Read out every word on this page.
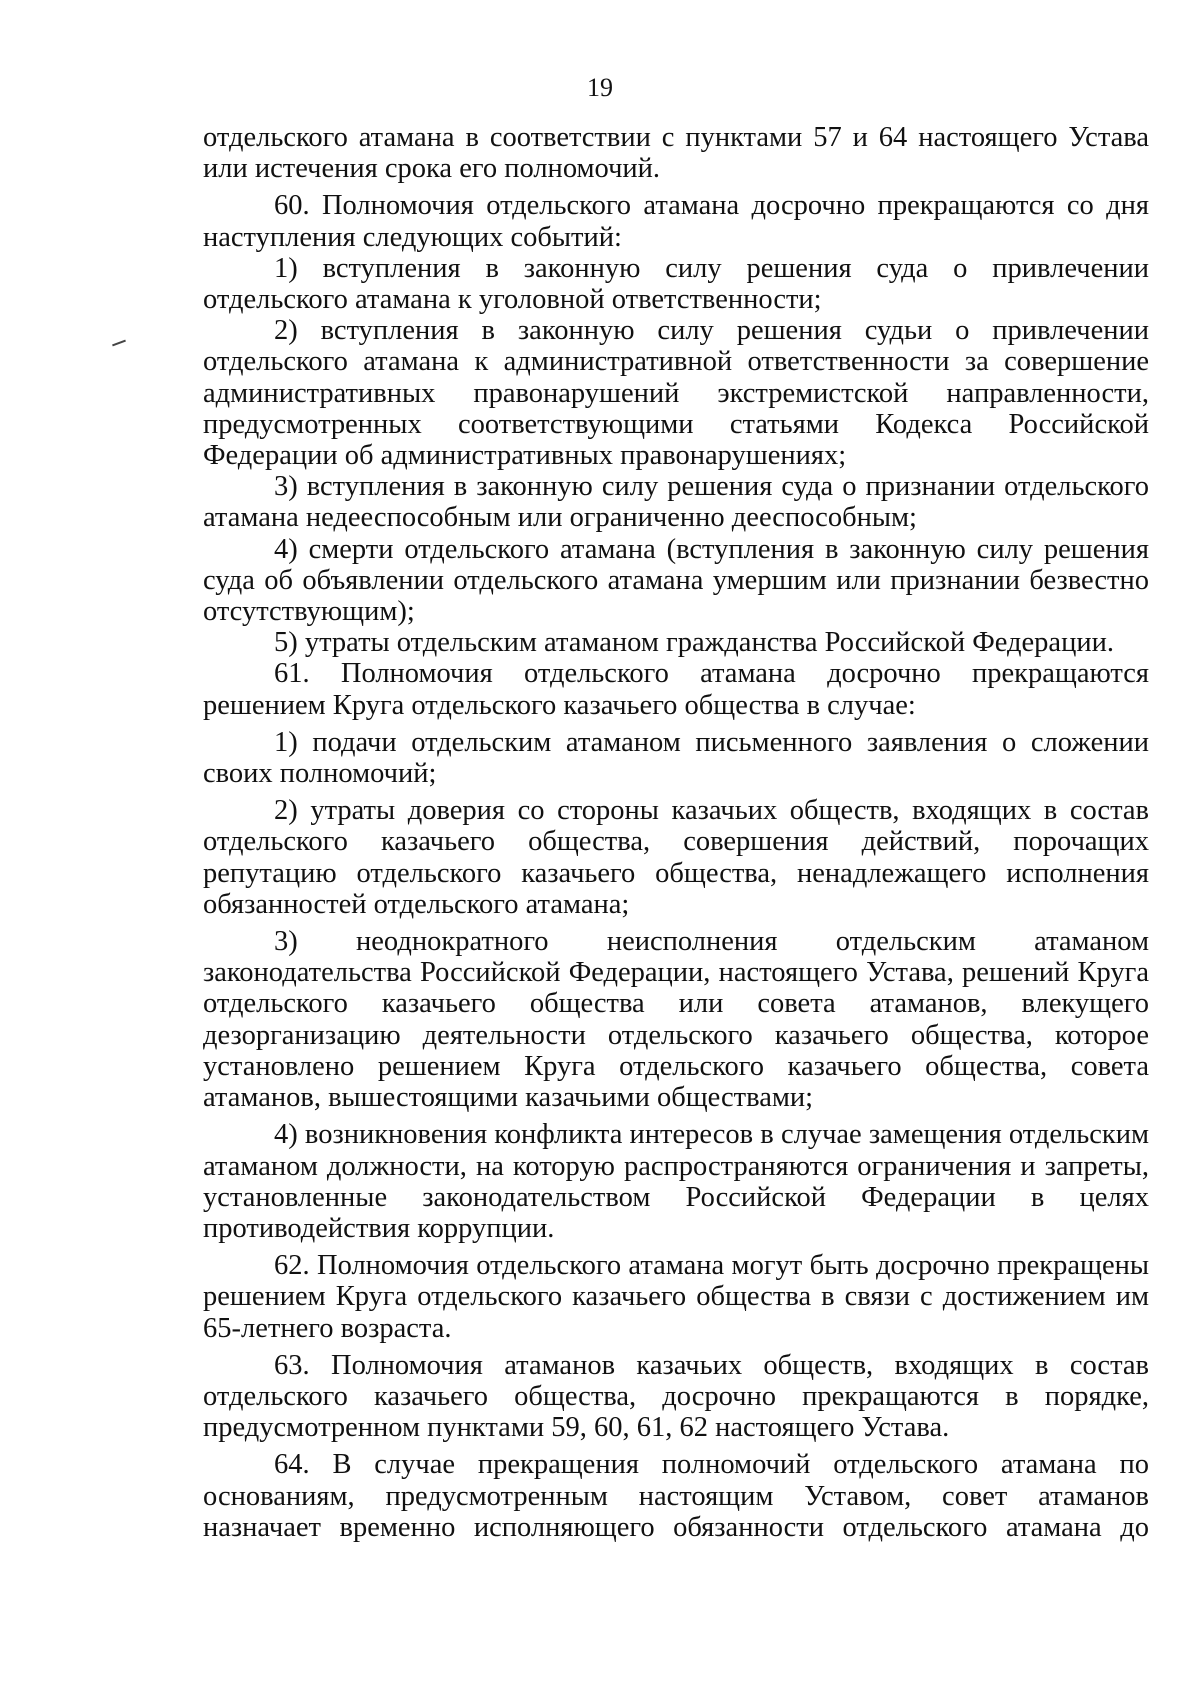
19

отдельского атамана в соответствии с пунктами 57 и 64 настоящего Устава

или истечения срока его полномочий.

60. Полномочия отдельского атамана досрочно прекращаются со дня

наступления следующих событий:

1) вступления в законную силу решения суда о привлечении

отдельского атамана к уголовной ответственности;

2) вступления в законную силу решения судьи о привлечении

отдельского атамана к административной ответственности за совершение

административных правонарушений экстремистской направленности,

предусмотренных соответствующими статьями Кодекса Российской

Федерации об административных правонарушениях;

3) вступления в законную силу решения суда о признании отдельского

атамана недееспособным или ограниченно дееспособным;

4) смерти отдельского атамана (вступления в законную силу решения

суда об объявлении отдельского атамана умершим или признании безвестно

отсутствующим);

5) утраты отдельским атаманом гражданства Российской Федерации.

61. Полномочия отдельского атамана досрочно прекращаются

решением Круга отдельского казачьего общества в случае:

1) подачи отдельским атаманом письменного заявления о сложении

своих полномочий;

2) утраты доверия со стороны казачьих обществ, входящих в состав

отдельского казачьего общества, совершения действий, порочащих

репутацию отдельского казачьего общества, ненадлежащего исполнения

обязанностей отдельского атамана;

3) неоднократного неисполнения отдельским атаманом

законодательства Российской Федерации, настоящего Устава, решений Круга

отдельского казачьего общества или совета атаманов, влекущего

дезорганизацию деятельности отдельского казачьего общества, которое

установлено решением Круга отдельского казачьего общества, совета

атаманов, вышестоящими казачьими обществами;

4) возникновения конфликта интересов в случае замещения отдельским

атаманом должности, на которую распространяются ограничения и запреты,

установленные законодательством Российской Федерации в целях

противодействия коррупции.

62. Полномочия отдельского атамана могут быть досрочно прекращены

решением Круга отдельского казачьего общества в связи с достижением им

65-летнего возраста.

63. Полномочия атаманов казачьих обществ, входящих в состав

отдельского казачьего общества, досрочно прекращаются в порядке,

предусмотренном пунктами 59, 60, 61, 62 настоящего Устава.

64. В случае прекращения полномочий отдельского атамана по

основаниям, предусмотренным настоящим Уставом, совет атаманов

назначает временно исполняющего обязанности отдельского атамана до
